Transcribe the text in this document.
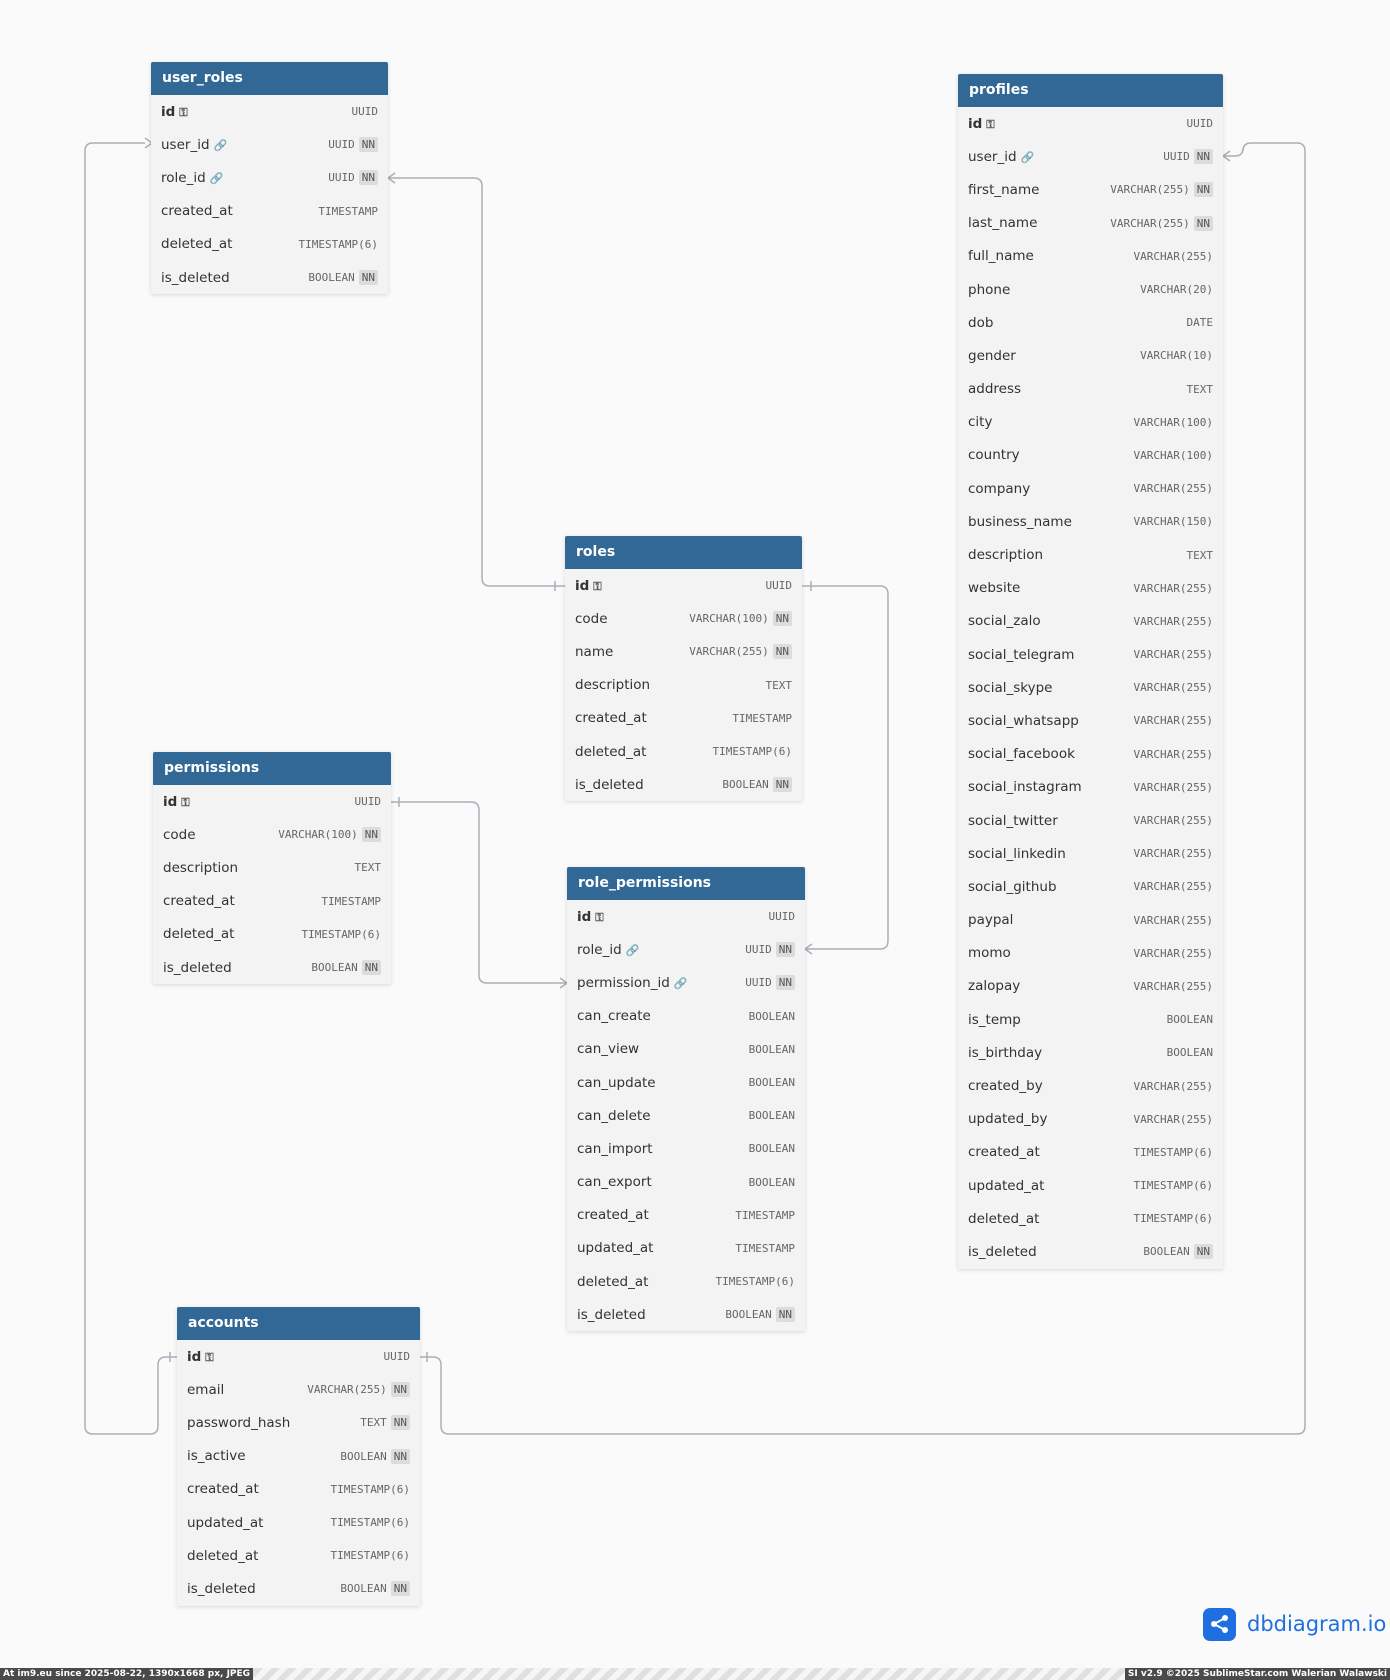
user_roles
id ⚿	UUID
user_id 🔗	UUID NN
role_id 🔗	UUID NN
created_at	TIMESTAMP
deleted_at	TIMESTAMP(6)
is_deleted	BOOLEAN NN
profiles
id ⚿	UUID
user_id 🔗	UUID NN
first_name	VARCHAR(255) NN
last_name	VARCHAR(255) NN
full_name	VARCHAR(255)
phone	VARCHAR(20)
dob	DATE
gender	VARCHAR(10)
address	TEXT
city	VARCHAR(100)
country	VARCHAR(100)
company	VARCHAR(255)
business_name	VARCHAR(150)
description	TEXT
website	VARCHAR(255)
social_zalo	VARCHAR(255)
social_telegram	VARCHAR(255)
social_skype	VARCHAR(255)
social_whatsapp	VARCHAR(255)
social_facebook	VARCHAR(255)
social_instagram	VARCHAR(255)
social_twitter	VARCHAR(255)
social_linkedin	VARCHAR(255)
social_github	VARCHAR(255)
paypal	VARCHAR(255)
momo	VARCHAR(255)
zalopay	VARCHAR(255)
is_temp	BOOLEAN
is_birthday	BOOLEAN
created_by	VARCHAR(255)
updated_by	VARCHAR(255)
created_at	TIMESTAMP(6)
updated_at	TIMESTAMP(6)
deleted_at	TIMESTAMP(6)
is_deleted	BOOLEAN NN
roles
id ⚿	UUID
code	VARCHAR(100) NN
name	VARCHAR(255) NN
description	TEXT
created_at	TIMESTAMP
deleted_at	TIMESTAMP(6)
is_deleted	BOOLEAN NN
permissions
id ⚿	UUID
code	VARCHAR(100) NN
description	TEXT
created_at	TIMESTAMP
deleted_at	TIMESTAMP(6)
is_deleted	BOOLEAN NN
role_permissions
id ⚿	UUID
role_id 🔗	UUID NN
permission_id 🔗	UUID NN
can_create	BOOLEAN
can_view	BOOLEAN
can_update	BOOLEAN
can_delete	BOOLEAN
can_import	BOOLEAN
can_export	BOOLEAN
created_at	TIMESTAMP
updated_at	TIMESTAMP
deleted_at	TIMESTAMP(6)
is_deleted	BOOLEAN NN
accounts
id ⚿	UUID
email	VARCHAR(255) NN
password_hash	TEXT NN
is_active	BOOLEAN NN
created_at	TIMESTAMP(6)
updated_at	TIMESTAMP(6)
deleted_at	TIMESTAMP(6)
is_deleted	BOOLEAN NN
dbdiagram.io
At im9.eu since 2025-08-22, 1390x1668 px, JPEG	SI v2.9 ©2025 SublimeStar.com Walerian Walawski
